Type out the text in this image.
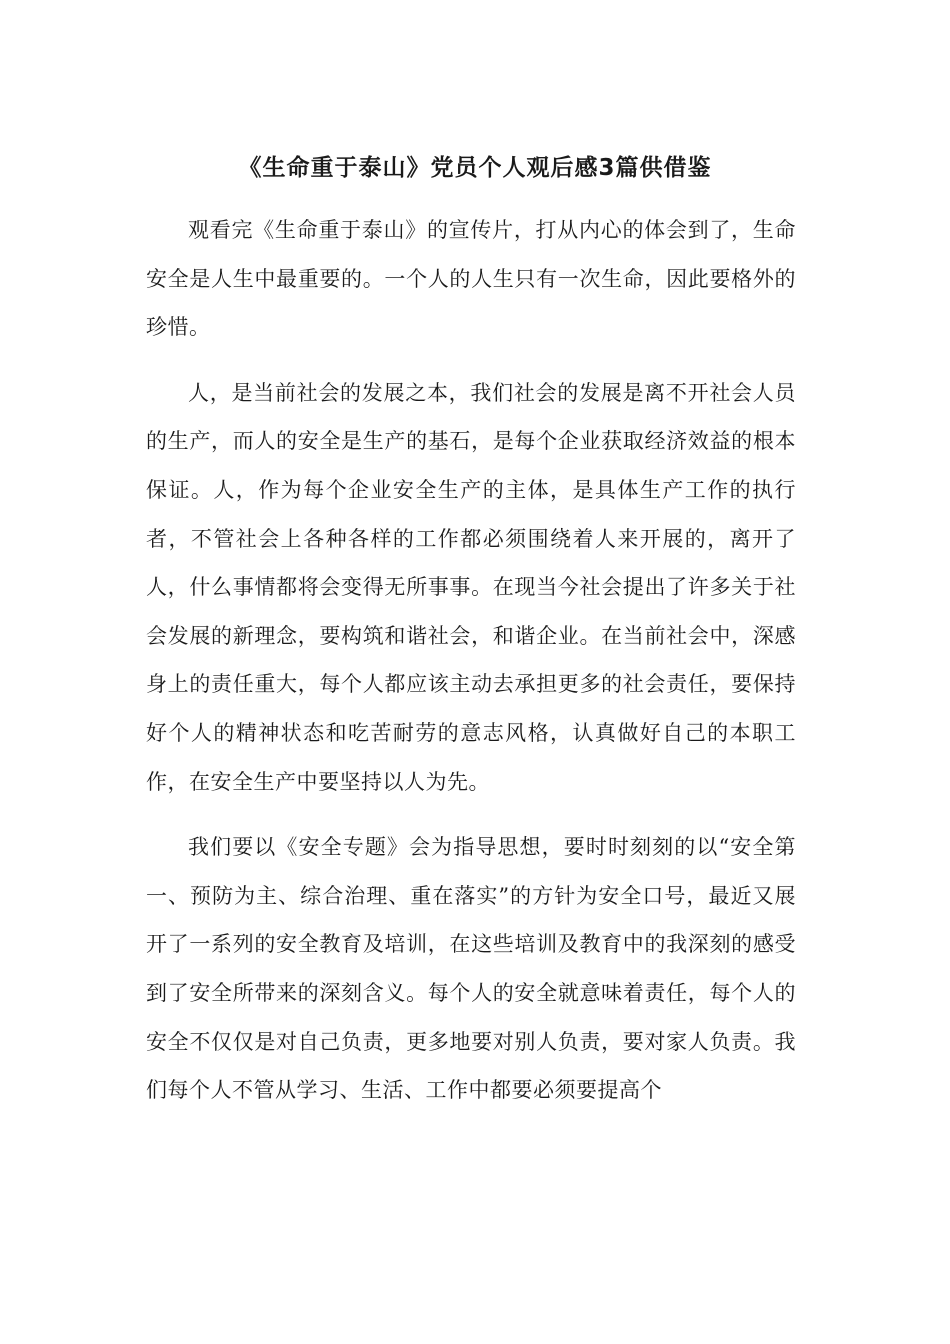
《生命重于泰山》党员个人观后感3篇供借鉴

观看完《生命重于泰山》的宣传片，打从内心的体会到了，生命安全是人生中最重要的。一个人的人生只有一次生命，因此要格外的珍惜。

人，是当前社会的发展之本，我们社会的发展是离不开社会人员的生产，而人的安全是生产的基石，是每个企业获取经济效益的根本保证。人，作为每个企业安全生产的主体，是具体生产工作的执行者，不管社会上各种各样的工作都必须围绕着人来开展的，离开了人，什么事情都将会变得无所事事。在现当今社会提出了许多关于社会发展的新理念，要构筑和谐社会，和谐企业。在当前社会中，深感身上的责任重大，每个人都应该主动去承担更多的社会责任，要保持好个人的精神状态和吃苦耐劳的意志风格，认真做好自己的本职工作，在安全生产中要坚持以人为先。

我们要以《安全专题》会为指导思想，要时时刻刻的以“安全第一、预防为主、综合治理、重在落实”的方针为安全口号，最近又展开了一系列的安全教育及培训，在这些培训及教育中的我深刻的感受到了安全所带来的深刻含义。每个人的安全就意味着责任，每个人的安全不仅仅是对自己负责，更多地要对别人负责，要对家人负责。我们每个人不管从学习、生活、工作中都要必须要提高个
